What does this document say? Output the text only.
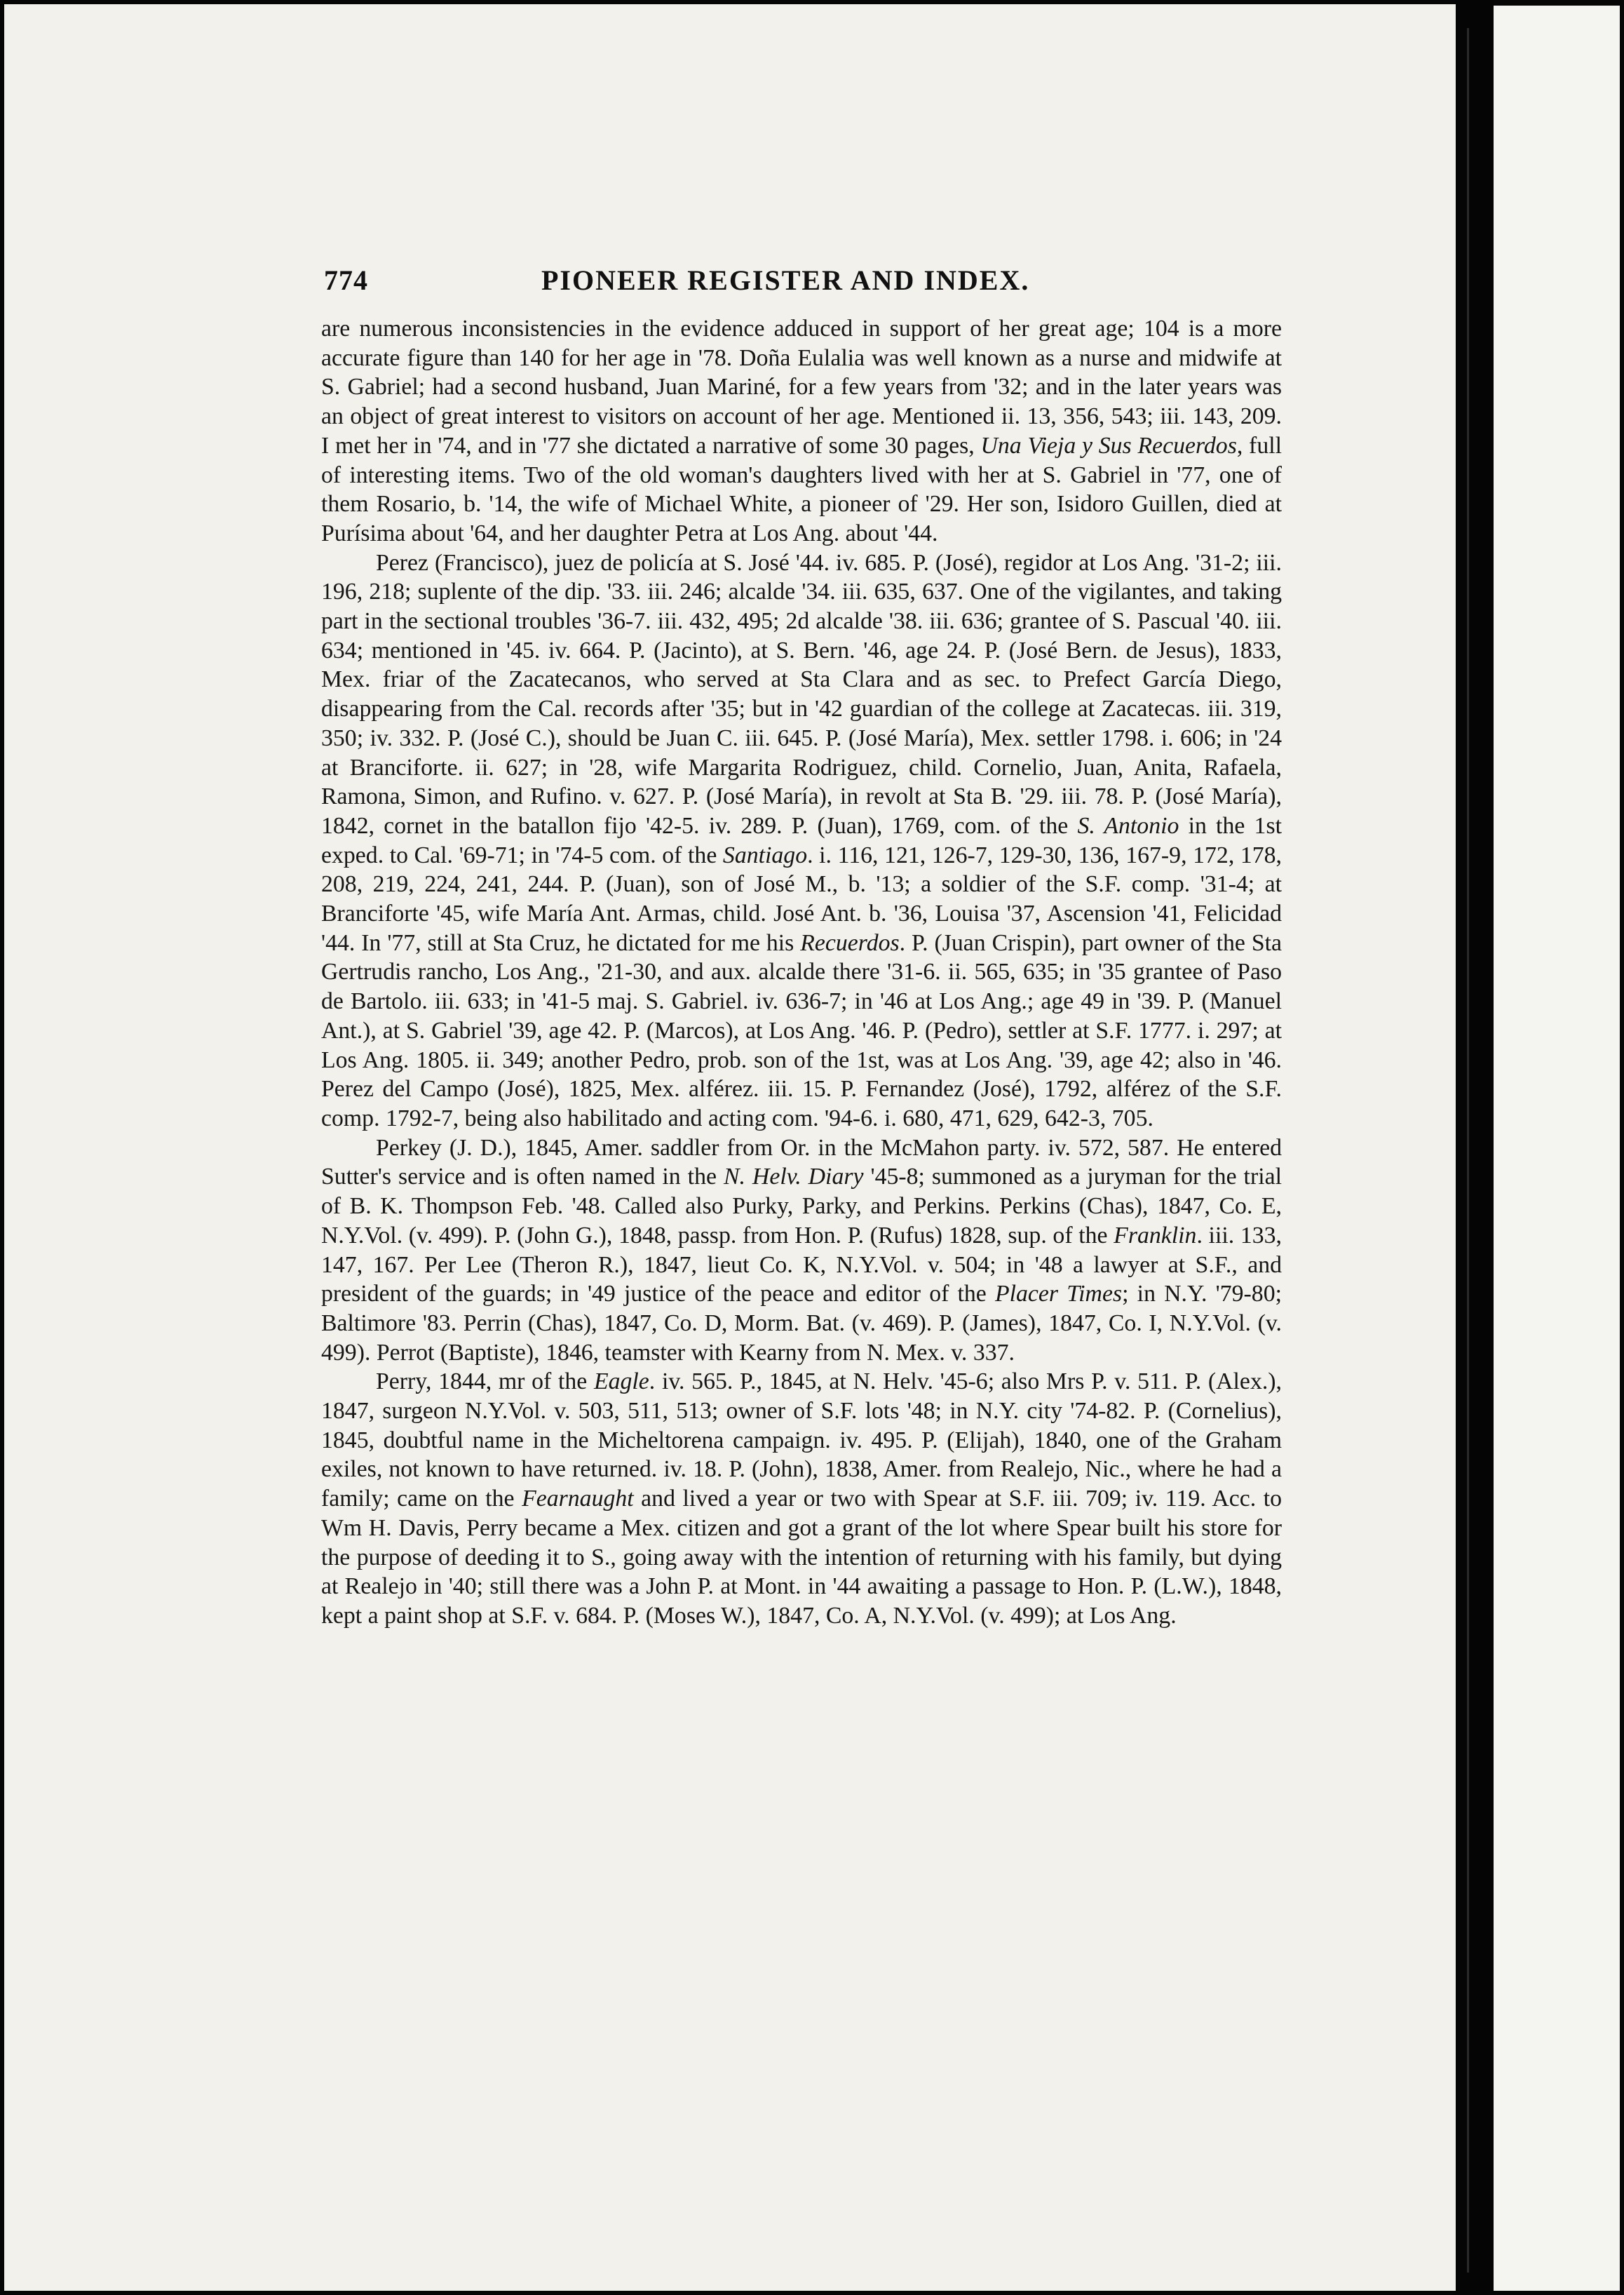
774	PIONEER REGISTER AND INDEX.

are numerous inconsistencies in the evidence adduced in support of her great age; 104 is a more accurate figure than 140 for her age in '78. Doña Eulalia was well known as a nurse and midwife at S. Gabriel; had a second husband, Juan Mariné, for a few years from '32; and in the later years was an object of great interest to visitors on account of her age. Mentioned ii. 13, 356, 543; iii. 143, 209. I met her in '74, and in '77 she dictated a narrative of some 30 pages, Una Vieja y Sus Recuerdos, full of interesting items. Two of the old woman's daughters lived with her at S. Gabriel in '77, one of them Rosario, b. '14, the wife of Michael White, a pioneer of '29. Her son, Isidoro Guillen, died at Purísima about '64, and her daughter Petra at Los Ang. about '44.

Perez (Francisco), juez de policía at S. José '44. iv. 685. P. (José), regidor at Los Ang. '31-2; iii. 196, 218; suplente of the dip. '33. iii. 246; alcalde '34. iii. 635, 637. One of the vigilantes, and taking part in the sectional troubles '36-7. iii. 432, 495; 2d alcalde '38. iii. 636; grantee of S. Pascual '40. iii. 634; mentioned in '45. iv. 664. P. (Jacinto), at S. Bern. '46, age 24. P. (José Bern. de Jesus), 1833, Mex. friar of the Zacatecanos, who served at Sta Clara and as sec. to Prefect García Diego, disappearing from the Cal. records after '35; but in '42 guardian of the college at Zacatecas. iii. 319, 350; iv. 332. P. (José C.), should be Juan C. iii. 645. P. (José María), Mex. settler 1798. i. 606; in '24 at Branciforte. ii. 627; in '28, wife Margarita Rodriguez, child. Cornelio, Juan, Anita, Rafaela, Ramona, Simon, and Rufino. v. 627. P. (José María), in revolt at Sta B. '29. iii. 78. P. (José María), 1842, cornet in the batallon fijo '42-5. iv. 289. P. (Juan), 1769, com. of the S. Antonio in the 1st exped. to Cal. '69-71; in '74-5 com. of the Santiago. i. 116, 121, 126-7, 129-30, 136, 167-9, 172, 178, 208, 219, 224, 241, 244. P. (Juan), son of José M., b. '13; a soldier of the S.F. comp. '31-4; at Branciforte '45, wife María Ant. Armas, child. José Ant. b. '36, Louisa '37, Ascension '41, Felicidad '44. In '77, still at Sta Cruz, he dictated for me his Recuerdos. P. (Juan Crispin), part owner of the Sta Gertrudis rancho, Los Ang., '21-30, and aux. alcalde there '31-6. ii. 565, 635; in '35 grantee of Paso de Bartolo. iii. 633; in '41-5 maj. S. Gabriel. iv. 636-7; in '46 at Los Ang.; age 49 in '39. P. (Manuel Ant.), at S. Gabriel '39, age 42. P. (Marcos), at Los Ang. '46. P. (Pedro), settler at S.F. 1777. i. 297; at Los Ang. 1805. ii. 349; another Pedro, prob. son of the 1st, was at Los Ang. '39, age 42; also in '46. Perez del Campo (José), 1825, Mex. alférez. iii. 15. P. Fernandez (José), 1792, alférez of the S.F. comp. 1792-7, being also habilitado and acting com. '94-6. i. 680, 471, 629, 642-3, 705.

Perkey (J. D.), 1845, Amer. saddler from Or. in the McMahon party. iv. 572, 587. He entered Sutter's service and is often named in the N. Helv. Diary '45-8; summoned as a juryman for the trial of B. K. Thompson Feb. '48. Called also Purky, Parky, and Perkins. Perkins (Chas), 1847, Co. E, N.Y.Vol. (v. 499). P. (John G.), 1848, passp. from Hon. P. (Rufus) 1828, sup. of the Franklin. iii. 133, 147, 167. Per Lee (Theron R.), 1847, lieut Co. K, N.Y.Vol. v. 504; in '48 a lawyer at S.F., and president of the guards; in '49 justice of the peace and editor of the Placer Times; in N.Y. '79-80; Baltimore '83. Perrin (Chas), 1847, Co. D, Morm. Bat. (v. 469). P. (James), 1847, Co. I, N.Y.Vol. (v. 499). Perrot (Baptiste), 1846, teamster with Kearny from N. Mex. v. 337.

Perry, 1844, mr of the Eagle. iv. 565. P., 1845, at N. Helv. '45-6; also Mrs P. v. 511. P. (Alex.), 1847, surgeon N.Y.Vol. v. 503, 511, 513; owner of S.F. lots '48; in N.Y. city '74-82. P. (Cornelius), 1845, doubtful name in the Micheltorena campaign. iv. 495. P. (Elijah), 1840, one of the Graham exiles, not known to have returned. iv. 18. P. (John), 1838, Amer. from Realejo, Nic., where he had a family; came on the Fearnaught and lived a year or two with Spear at S.F. iii. 709; iv. 119. Acc. to Wm H. Davis, Perry became a Mex. citizen and got a grant of the lot where Spear built his store for the purpose of deeding it to S., going away with the intention of returning with his family, but dying at Realejo in '40; still there was a John P. at Mont. in '44 awaiting a passage to Hon. P. (L.W.), 1848, kept a paint shop at S.F. v. 684. P. (Moses W.), 1847, Co. A, N.Y.Vol. (v. 499); at Los Ang.
